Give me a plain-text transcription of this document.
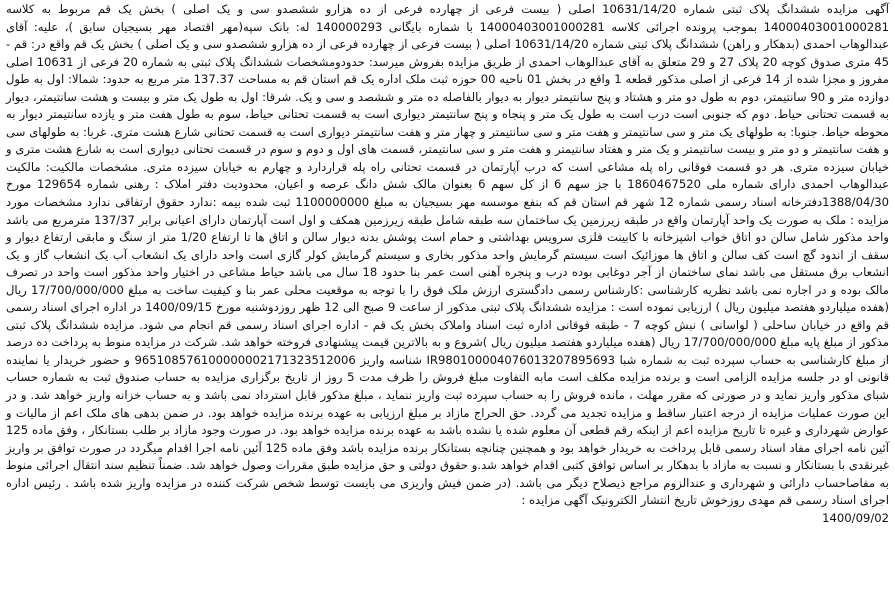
آگهی مزایده ششدانگ پلاک ثبتی شماره 10631/14/20 اصلی ( بیست فرعی از چهارده فرعی از ده هزارو ششصدو سی و یک اصلی ) بخش یک قم مربوط به کلاسه 14000403001000281 بموجب پرونده اجرائی کلاسه 14000403001000281 با شماره بایگانی 140000293 له: بانک سپه(مهر اقتصاد مهر بسیجیان سابق )، علیه: آقای عبدالوهاب احمدی (بدهکار و راهن) ششدانگ پلاک ثبتی شماره 10631/14/20 اصلی ( بیست فرعی از چهارده فرعی از ده هزارو ششصدو سی و یک اصلی ) بخش یک قم واقع در: قم - 45 متری صدوق کوچه 20 پلاک 27 و 29 متعلق به آقای عبدالوهاب احمدی از طریق مزایده بفروش میرسد: حدودومشخصات ششدانگ پلاک ثبتی به شماره 20 فرعی از 10631 اصلی مفروز و مجزا شده از 14 فرعی از اصلی مذکور قطعه 1 واقع در بخش 01 ناحیه 00 حوزه ثبت ملک اداره یک قم استان قم به مساحت 137.37 متر مربع به حدود: شمالا: اول به طول دوازده متر و 90 سانتیمتر، دوم به طول دو متر و هشتاد و پنج سانتیمتر دیوار به دیوار بالفاصله ده متر و ششصد و سی و یک. شرقا: اول به طول یک متر و بیست و هشت سانتیمتر، دیوار به قسمت تحتانی حیاط. دوم که جنوبی است درب است به طول یک متر و پنجاه و پنج سانتیمتر دیواری است به قسمت تحتانی حیاط، سوم به طول هفت متر و یازده سانتیمتر دیوار به محوطه حیاط. جنوبا: به طولهای یک متر و سی سانتیمتر و هفت متر و سی سانتیمتر و چهار متر و هفت سانتیمتر دیواری است به قسمت تحتانی شارع هشت متری. غربا: به طولهای سی و هفت سانتیمتر و دو متر و بیست سانتیمتر و یک متر و هفتاد سانتیمتر و هفت متر و سی سانتیمتر، قسمت های اول و دوم و سوم در قسمت تحتانی دیواری است به شارع هشت متری و خیابان سیزده متری. هر دو قسمت فوقانی راه پله مشاعی است که درب آپارتمان در قسمت تحتانی راه پله قراردارد و چهارم به خیابان سیزده متری. مشخصات مالکیت: مالکیت عبدالوهاب احمدی دارای شماره ملی 1860467520 با جز سهم 6 از کل سهم 6 بعنوان مالک شش دانگ عرصه و اعیان، محدودیت دفتر املاک : رهنی شماره 129654 مورخ 1388/04/30دفترخانه اسناد رسمی شماره 12 شهر قم استان قم که بنفع موسسه مهر بسیجیان به مبلغ 1100000000 ثبت شده بیمه :ندارد حقوق ارتفاقی ندارد مشخصات مورد مزایده : ملک به صورت یک واحد آپارتمان واقع در طبقه زیرزمین یک ساختمان سه طبقه شامل طبقه زیرزمین همکف و اول است آپارتمان دارای اعیانی برابر 137/37 مترمربع می باشد واحد مذکور شامل سالن دو اتاق خواب اشپزخانه با کابینت فلزی سرویس بهداشتی و حمام است پوشش بدنه دیوار سالن و اتاق ها تا ارتفاع 1/20 متر از سنگ و مابقی ارتفاع دیوار و سقف از اندود گچ است کف سالن و اتاق ها موزائیک است سیستم گرمایش واحد مذکور بخاری و سیستم گرمایش کولر گازی است واحد دارای یک انشعاب آب یک انشعاب گاز و یک انشعاب برق مستقل می باشد نمای ساختمان از آجر دوغابی بوده درب و پنجره آهنی است عمر بنا حدود 18 سال می باشد حیاط مشاعی در اختیار واحد مذکور است واحد در تصرف مالک بوده و در اجاره نمی باشد نظریه کارشناسی :کارشناس رسمی دادگستری ارزش ملک فوق را با توجه به موقعیت محلی عمر بنا و کیفیت ساخت به مبلغ 17/700/000/000 ریال (هفده میلیاردو هفتصد میلیون ریال ) ارزیابی نموده است : مزایده ششدانگ پلاک ثبتی مذکور از ساعت 9 صبح الی 12 ظهر روزدوشنبه مورخ 1400/09/15 در اداره اجرای اسناد رسمی قم واقع در خیابان ساحلی ( لواسانی ) نبش کوچه 7 - طبقه فوقانی اداره ثبت اسناد واملاک بخش یک قم - اداره اجرای اسناد رسمی قم انجام می شود. مزایده ششدانگ پلاک ثبتی مذکور از مبلغ پایه مبلغ 17/700/000/000 ریال (هفده میلیاردو هفتصد میلیون ریال )شروع و به بالاترین قیمت پیشنهادی فروخته خواهد شد. شرکت در مزایده منوط به پرداخت ده درصد از مبلغ کارشناسی به حساب سپرده ثبت به شماره شبا IR980100004076013207895693 شناسه واریز 965108576100000002171323512006 و حضور خریدار یا نماینده قانونی او در جلسه مزایده الزامی است و برنده مزایده مکلف است مابه التفاوت مبلغ فروش را ظرف مدت 5 روز از تاریخ برگزاری مزایده به حساب صندوق ثبت به شماره حساب شبای مذکور واریز نماید و در صورتی که مقرر مهلت ، مانده فروش را به حساب سپرده ثبت واریز ننماید ، مبلغ مذکور قابل استرداد نمی باشد و به حساب خزانه واریز خواهد شد. و در این صورت عملیات مزایده از درجه اعتبار ساقط و مزایده تجدید می گردد. حق الحراج مازاد بر مبلغ ارزیابی به عهده برنده مزایده خواهد بود. در ضمن بدهی های ملک اعم از مالیات و عوارض شهرداری و غیره تا تاریخ مزایده اعم از اینکه رقم قطعی آن معلوم شده یا نشده باشد به عهده برنده مزایده خواهد بود. در صورت وجود مازاد بر طلب بستانکار ، وفق ماده 125 آئین نامه اجرای مفاد اسناد رسمی قابل پرداخت به خریدار خواهد بود و همچنین چنانچه بستانکار برنده مزایده باشد وفق ماده 125 آئین نامه اجرا اقدام میگردد در صورت توافق بر واریز غیرنقدی با بستانکار و نسبت به مازاد با بدهکار بر اساس توافق کتبی اقدام خواهد شد.و حقوق دولتی و حق مزایده طبق مقررات وصول خواهد شد. ضمناً تنظیم سند انتقال اجرائی منوط به مفاصاحساب دارائی و شهرداری و عندالزوم مراجع ذیصلاح دیگر می باشد. (در ضمن فیش واریزی می بایست توسط شخص شرکت کننده در مزایده واریز شده باشد . رئیس اداره اجرای اسناد رسمی قم مهدی روزخوش تاریخ انتشار الکترونیک آگهی مزایده :
1400/09/02
